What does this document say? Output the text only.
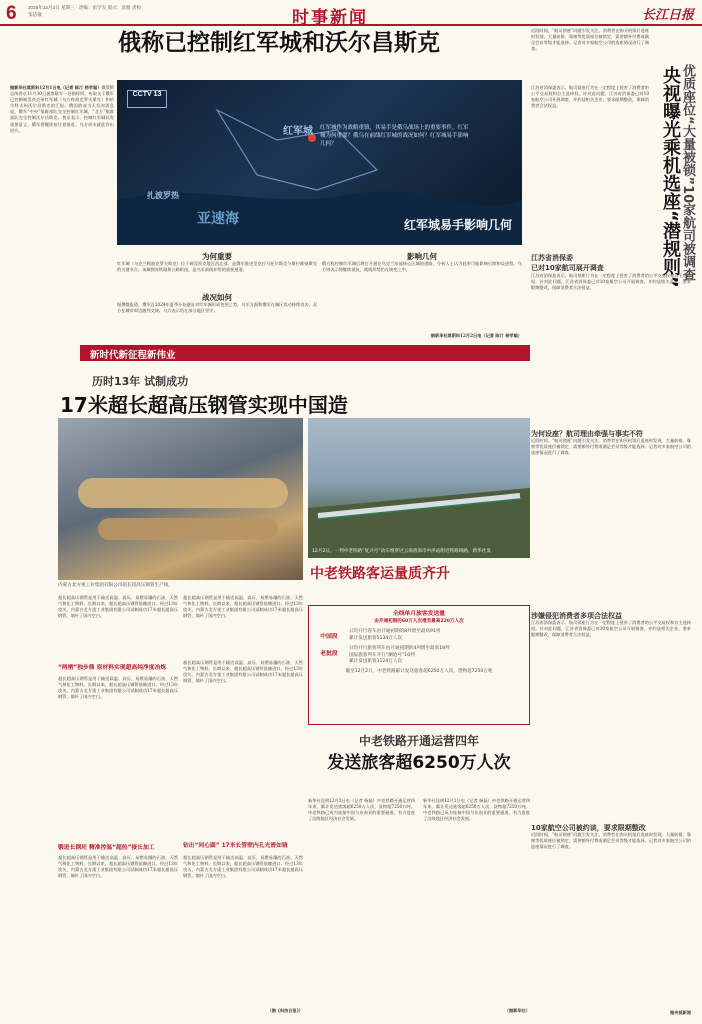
6 2025年12月3日 星期三 · 责编：彭学友 版式：涂雅 责校：邹洁敏	时事新闻	长江日报
俄称已控制红军城和沃尔昌斯克
据新华社莫斯科12月1日电（记者 陈汀 杨学聪）俄罗斯总统普京11月30日视察联军一处指挥所，听取关于俄军已控制顿涅茨克州红军城（乌方称波克罗夫斯克）和哈尔科夫州沃尔昌斯克的汇报。俄国防部当天发布消息说，俄军“中央”集群部队完全控制红军城，“北方”集群部队完全控制沃尔昌斯克。普京表示，控制红军城具有重要意义，俄军将继续按计划推进。乌方尚未就此作出回应。
CCTV 13
红军城
亚速海
扎波罗热
红军城作为战略重镇，其易手是俄乌战场上的重要事件。红军城为何重要？俄乌在前线红军城的战况如何？红军城易手影响几何？
红军城易手影响几何
为何重要
红军城（乌克兰称波克罗夫斯克）位于顿涅茨克地区西北部，是俄军推进至克拉马托尔斯克与斯拉维扬斯克的关键节点。该城拥有铁路和公路枢纽，是乌军前线补给的重要通道。
战况如何
据俄媒报道，俄军自2024年夏季开始逐步对红军城形成包围之势，乌军方面称俄军在城区发动持续攻击，双方在城市周边激烈交战。乌方表示仍在部分地区坚守。
影响几何
俄方称控制红军城后将打开通往乌克兰东部核心区域的道路，分析人士认为此举可能影响后续和谈进程。乌方则表示将继续抵抗，战线形势仍在演变之中。
据新华社莫斯科12月2日电（记者 陈汀 杨学聪）
近段时间，“航司锁座”问题引发关注。消费者在购买机票后选座时发现，大量前排、靠窗等优质座位被锁定，需要额外付费或满足会员等级才能选择。记者对多家航空公司的选座情况进行了调查。
央视曝光乘机选座“潜规则” 优质座位“大量被锁”10家航司被调查
江苏省消保委表示，航司锁座行为在一定程度上侵害了消费者的公平交易权和自主选择权。针对此问题，江苏省消保委已对10家航空公司开展调查，并约谈相关企业，要求限期整改，保障消费者合法权益。
江苏省消保委
已对10家航司展开调查
江苏省消保委表示，航司锁座行为在一定程度上侵害了消费者的公平交易权和自主选择权。针对此问题，江苏省消保委已对10家航空公司开展调查，并约谈相关企业，要求限期整改，保障消费者合法权益。
为何设座？航司理由牵强与事实不符
近段时间，“航司锁座”问题引发关注。消费者在购买机票后选座时发现，大量前排、靠窗等优质座位被锁定，需要额外付费或满足会员等级才能选择。记者对多家航空公司的选座情况进行了调查。
涉嫌侵犯消费者多项合法权益
江苏省消保委表示，航司锁座行为在一定程度上侵害了消费者的公平交易权和自主选择权。针对此问题，江苏省消保委已对10家航空公司开展调查，并约谈相关企业，要求限期整改，保障消费者合法权益。
10家航空公司被约谈，要求限期整改
近段时间，“航司锁座”问题引发关注。消费者在购买机票后选座时发现，大量前排、靠窗等优质座位被锁定，需要额外付费或满足会员等级才能选择。记者对多家航空公司的选座情况进行了调查。
据央视新闻
新时代新征程新伟业
历时13年 试制成功
17米超长超高压钢管实现中国造
内蒙古北方重工业集团有限公司超长超高压钢管生产线。
超长超高压钢管是用于输送高温、高压、易燃易爆的石油、天然气和化工物料。长期以来，超长超高压钢管依赖进口。经过13年攻关，内蒙古北方重工业集团有限公司试制成功17米超长超高压钢管，填补了国内空白。
超长超高压钢管是用于输送高温、高压、易燃易爆的石油、天然气和化工物料。长期以来，超长超高压钢管依赖进口。经过13年攻关，内蒙古北方重工业集团有限公司试制成功17米超长超高压钢管，填补了国内空白。
“两栖”独步鼎 原材料实现超高纯净度冶炼
超长超高压钢管是用于输送高温、高压、易燃易爆的石油、天然气和化工物料。长期以来，超长超高压钢管依赖进口。经过13年攻关，内蒙古北方重工业集团有限公司试制成功17米超长超高压钢管，填补了国内空白。
钻出“同心圆” 17米长管壁内孔光滑如镜
超长超高压钢管是用于输送高温、高压、易燃易爆的石油、天然气和化工物料。长期以来，超长超高压钢管依赖进口。经过13年攻关，内蒙古北方重工业集团有限公司试制成功17米超长超高压钢管，填补了国内空白。
锻进长钢坯 精准控温“超热”接长加工
超长超高压钢管是用于输送高温、高压、易燃易爆的石油、天然气和化工物料。长期以来，超长超高压钢管依赖进口。经过13年攻关，内蒙古北方重工业集团有限公司试制成功17米超长超高压钢管，填补了国内空白。
超长超高压钢管是用于输送高温、高压、易燃易爆的石油、天然气和化工物料。长期以来，超长超高压钢管依赖进口。经过13年攻关，内蒙古北方重工业集团有限公司试制成功17米超长超高压钢管，填补了国内空白。
（据《科技日报》）
12月2日，一列中老铁路“复兴号”动车组穿过云南普洱市中洪站附近铁路线路，新华社发
中老铁路客运量质齐升
全线单月旅客发送量
由开通初期的60万人次增至最高220万人次
中国段
日均开行客车由开通初期的8列增至最高91列
累计发送旅客5134万人次
老挝段
日均开行旅客列车由开通初期的4列增至最高18列
国际旅客列车开行“澜沧号”10列
累计发送旅客1124万人次
截至12月2日，中老铁路累计发送旅客超6250万人次，货物超7250万吨
中老铁路开通运营四年
发送旅客超6250万人次
新华社昆明12月2日电（记者 杨磊）中老铁路开通运营四年来，累计发送旅客超6250万人次，货物超7250万吨。中老铁路已成为连接中国与东南亚的重要通道，有力促进了沿线地区经济社会发展。
新华社昆明12月2日电（记者 杨磊）中老铁路开通运营四年来，累计发送旅客超6250万人次，货物超7250万吨。中老铁路已成为连接中国与东南亚的重要通道，有力促进了沿线地区经济社会发展。
（据新华社）
